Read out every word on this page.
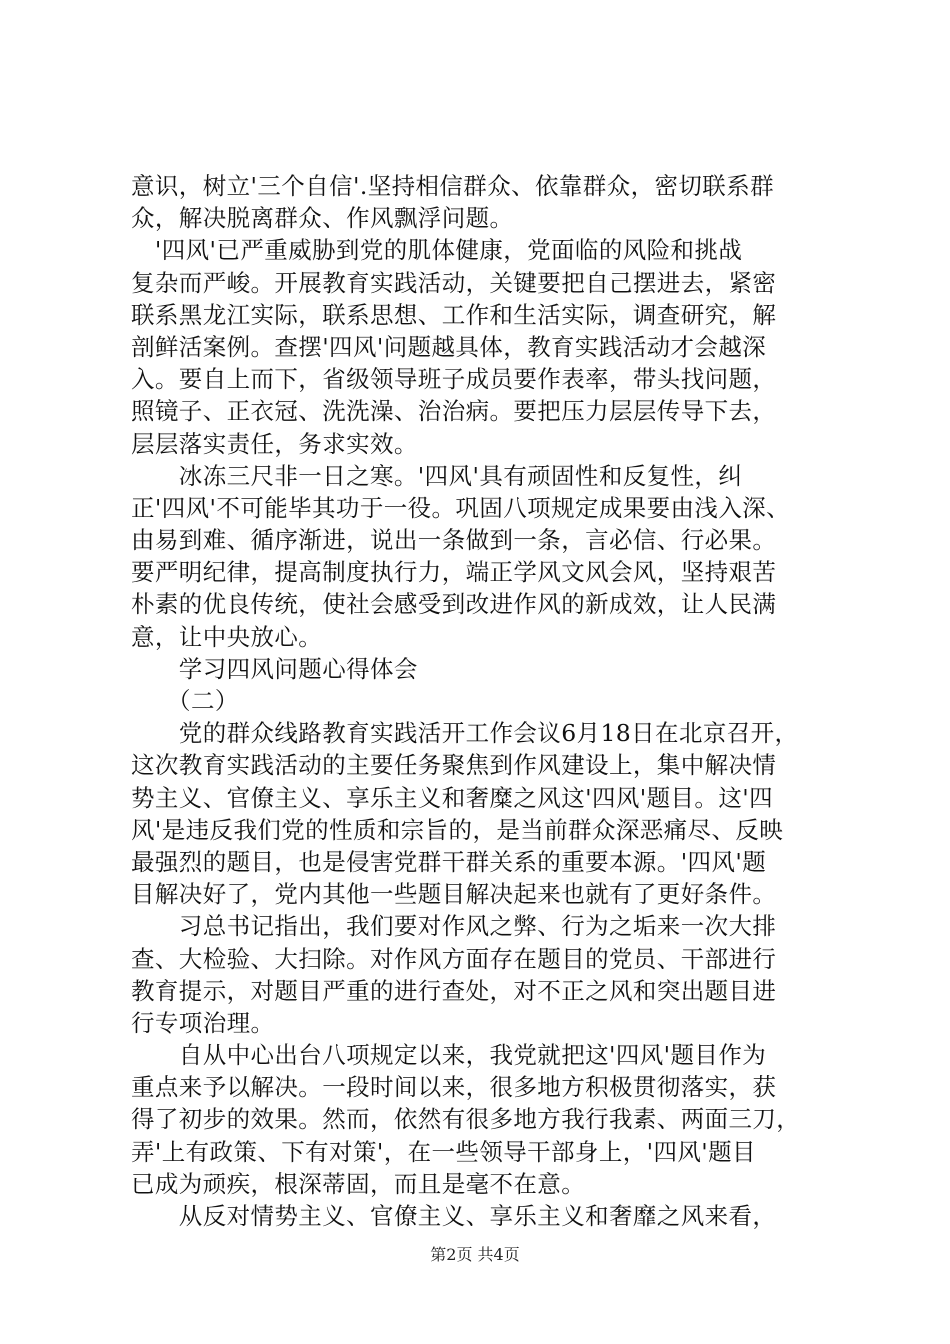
意识，树立'三个自信'.坚持相信群众、依靠群众，密切联系群
众，解决脱离群众、作风飘浮问题。
　'四风'已严重威胁到党的肌体健康，党面临的风险和挑战
复杂而严峻。开展教育实践活动，关键要把自己摆进去，紧密
联系黑龙江实际，联系思想、工作和生活实际，调查研究，解
剖鲜活案例。查摆'四风'问题越具体，教育实践活动才会越深
入。要自上而下，省级领导班子成员要作表率，带头找问题，
照镜子、正衣冠、洗洗澡、治治病。要把压力层层传导下去，
层层落实责任，务求实效。
　　冰冻三尺非一日之寒。'四风'具有顽固性和反复性，纠
正'四风'不可能毕其功于一役。巩固八项规定成果要由浅入深、
由易到难、循序渐进，说出一条做到一条，言必信、行必果。
要严明纪律，提高制度执行力，端正学风文风会风，坚持艰苦
朴素的优良传统，使社会感受到改进作风的新成效，让人民满
意，让中央放心。
　　学习四风问题心得体会
　　（二）
　　党的群众线路教育实践活开工作会议6月18日在北京召开，
这次教育实践活动的主要任务聚焦到作风建设上，集中解决情
势主义、官僚主义、享乐主义和奢糜之风这'四风'题目。这'四
风'是违反我们党的性质和宗旨的，是当前群众深恶痛尽、反映
最强烈的题目，也是侵害党群干群关系的重要本源。'四风'题
目解决好了，党内其他一些题目解决起来也就有了更好条件。
　　习总书记指出，我们要对作风之弊、行为之垢来一次大排
查、大检验、大扫除。对作风方面存在题目的党员、干部进行
教育提示，对题目严重的进行查处，对不正之风和突出题目进
行专项治理。
　　自从中心出台八项规定以来，我党就把这'四风'题目作为
重点来予以解决。一段时间以来，很多地方积极贯彻落实，获
得了初步的效果。然而，依然有很多地方我行我素、两面三刀，
弄'上有政策、下有对策'，在一些领导干部身上，'四风'题目
已成为顽疾，根深蒂固，而且是毫不在意。
　　从反对情势主义、官僚主义、享乐主义和奢靡之风来看，
第2页 共4页
